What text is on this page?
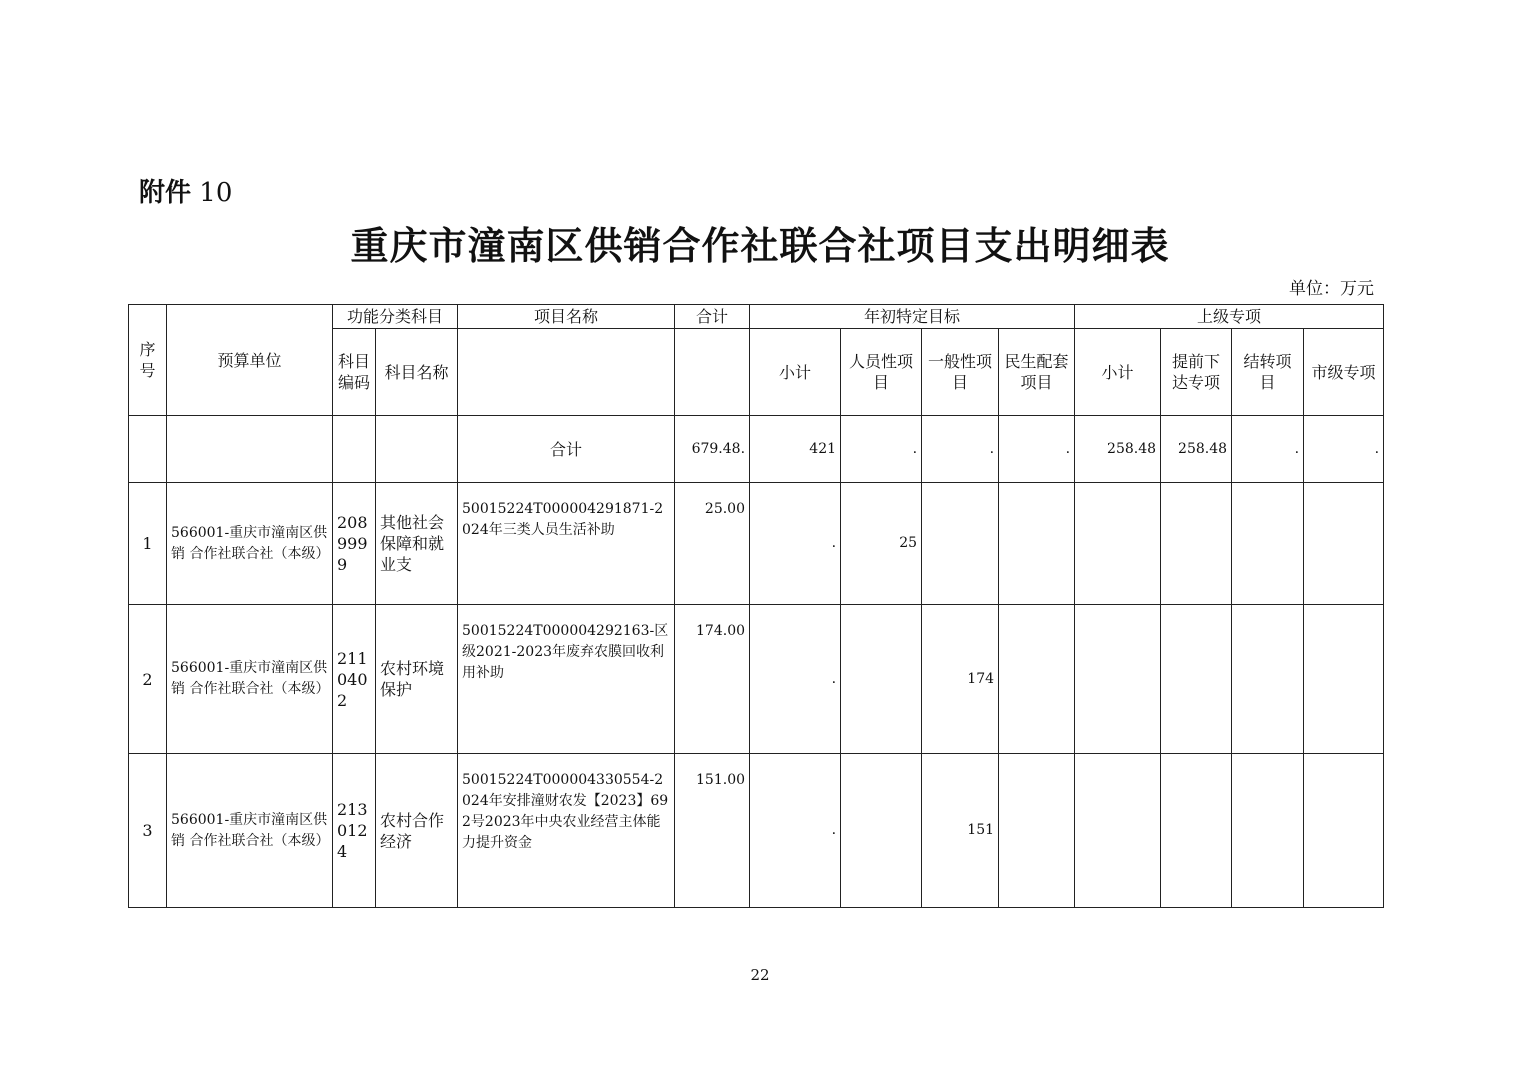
附件 10
重庆市潼南区供销合作社联合社项目支出明细表
单位：万元
序号	预算单位	功能分类科目		项目名称	合计	年初特定目标				上级专项			
		科目编码	科目名称			小计	人员性项目	一般性项目	民生配套项目	小计	提前下达专项	结转项目	市级专项
				合计	679.48.	421	.	.	.	258.48	258.48	.	.
1	566001-重庆市潼南区供销 合作社联合社（本级）	2089999	其他社会保障和就业支	50015224T000004291871-2024年三类人员生活补助	25.00	.	25						
2	566001-重庆市潼南区供销 合作社联合社（本级）	2110402	农村环境保护	50015224T000004292163-区级2021-2023年废弃农膜回收利用补助	174.00	.		174					
3	566001-重庆市潼南区供销 合作社联合社（本级）	2130124	农村合作经济	50015224T000004330554-2024年安排潼财农发【2023】692号2023年中央农业经营主体能力提升资金	151.00	.		151					
22
